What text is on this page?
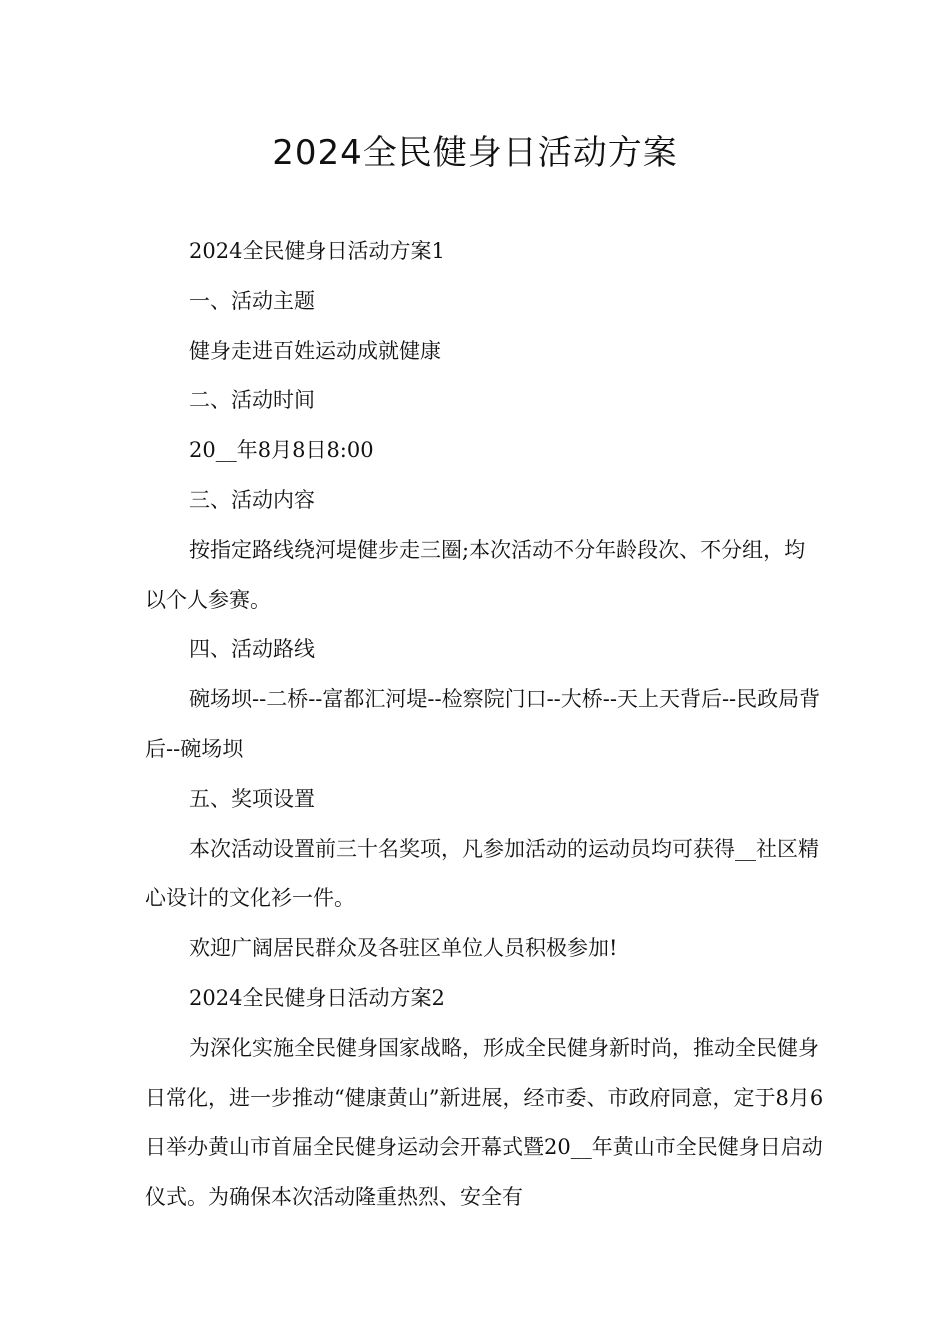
2024全民健身日活动方案

2024全民健身日活动方案1

一、活动主题

健身走进百姓运动成就健康

二、活动时间

20__年8月8日8:00

三、活动内容

按指定路线绕河堤健步走三圈;本次活动不分年龄段次、不分组，均以个人参赛。

四、活动路线

碗场坝--二桥--富都汇河堤--检察院门口--大桥--天上天背后--民政局背后--碗场坝

五、奖项设置

本次活动设置前三十名奖项，凡参加活动的运动员均可获得__社区精心设计的文化衫一件。

欢迎广阔居民群众及各驻区单位人员积极参加!

2024全民健身日活动方案2

为深化实施全民健身国家战略，形成全民健身新时尚，推动全民健身日常化，进一步推动“健康黄山”新进展，经市委、市政府同意，定于8月6日举办黄山市首届全民健身运动会开幕式暨20__年黄山市全民健身日启动仪式。为确保本次活动隆重热烈、安全有
